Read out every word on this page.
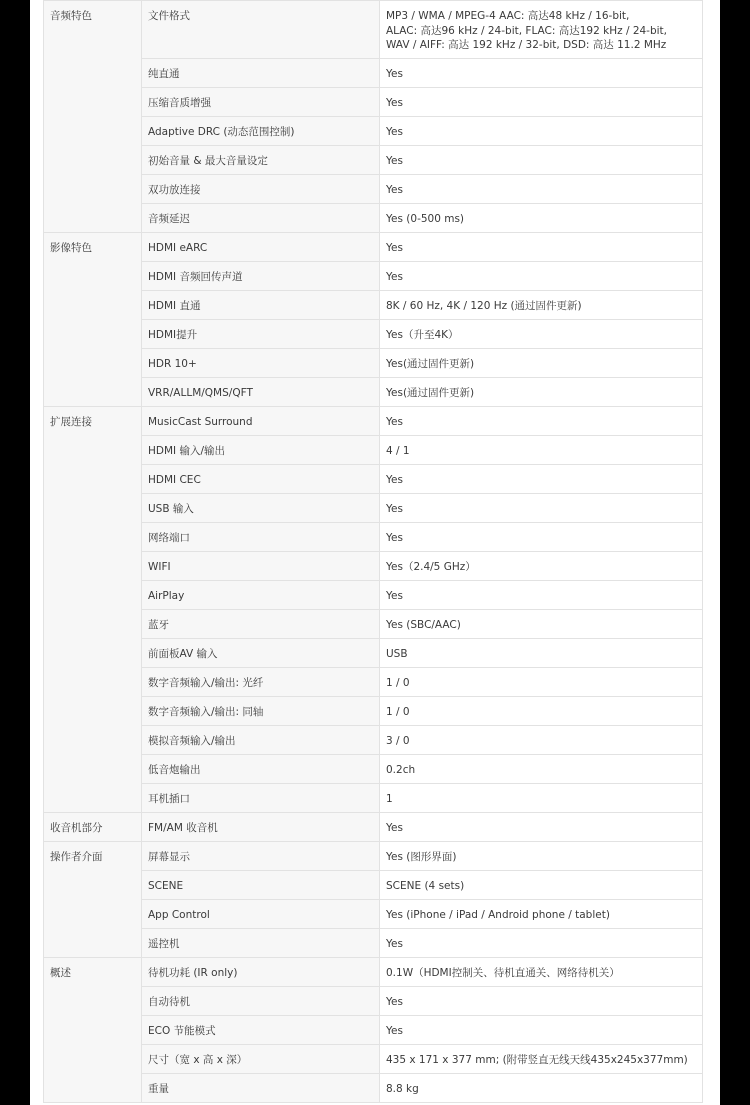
音频特色	文件格式	MP3 / WMA / MPEG-4 AAC: 高达48 kHz / 16-bit,
ALAC: 高达96 kHz / 24-bit, FLAC: 高达192 kHz / 24-bit,
WAV / AIFF: 高达 192 kHz / 32-bit, DSD: 高达 11.2 MHz

	纯直通	Yes
	压缩音质增强	Yes
	Adaptive DRC (动态范围控制)	Yes
	初始音量 & 最大音量设定	Yes
	双功放连接	Yes
	音频延迟	Yes (0-500 ms)
影像特色	HDMI eARC	Yes
	HDMI 音频回传声道	Yes
	HDMI 直通	8K / 60 Hz, 4K / 120 Hz (通过固件更新)
	HDMI提升	Yes（升至4K）
	HDR 10+	Yes(通过固件更新)
	VRR/ALLM/QMS/QFT	Yes(通过固件更新)
扩展连接	MusicCast Surround	Yes
	HDMI 输入/输出	4 / 1
	HDMI CEC	Yes
	USB 输入	Yes
	网络端口	Yes
	WIFI	Yes（2.4/5 GHz）
	AirPlay	Yes
	蓝牙	Yes (SBC/AAC)
	前面板AV 输入	USB
	数字音频输入/输出: 光纤	1 / 0
	数字音频输入/输出: 同轴	1 / 0
	模拟音频输入/输出	3 / 0
	低音炮输出	0.2ch
	耳机插口	1
收音机部分	FM/AM 收音机	Yes
操作者介面	屏幕显示	Yes (图形界面)
	SCENE	SCENE (4 sets)
	App Control	Yes (iPhone / iPad / Android phone / tablet)
	遥控机	Yes
概述	待机功耗 (IR only)	0.1W（HDMI控制关、待机直通关、网络待机关）
	自动待机	Yes
	ECO 节能模式	Yes
	尺寸（宽 x 高 x 深）	435 x 171 x 377 mm; (附带竖直无线天线435x245x377mm)
	重量	8.8 kg
